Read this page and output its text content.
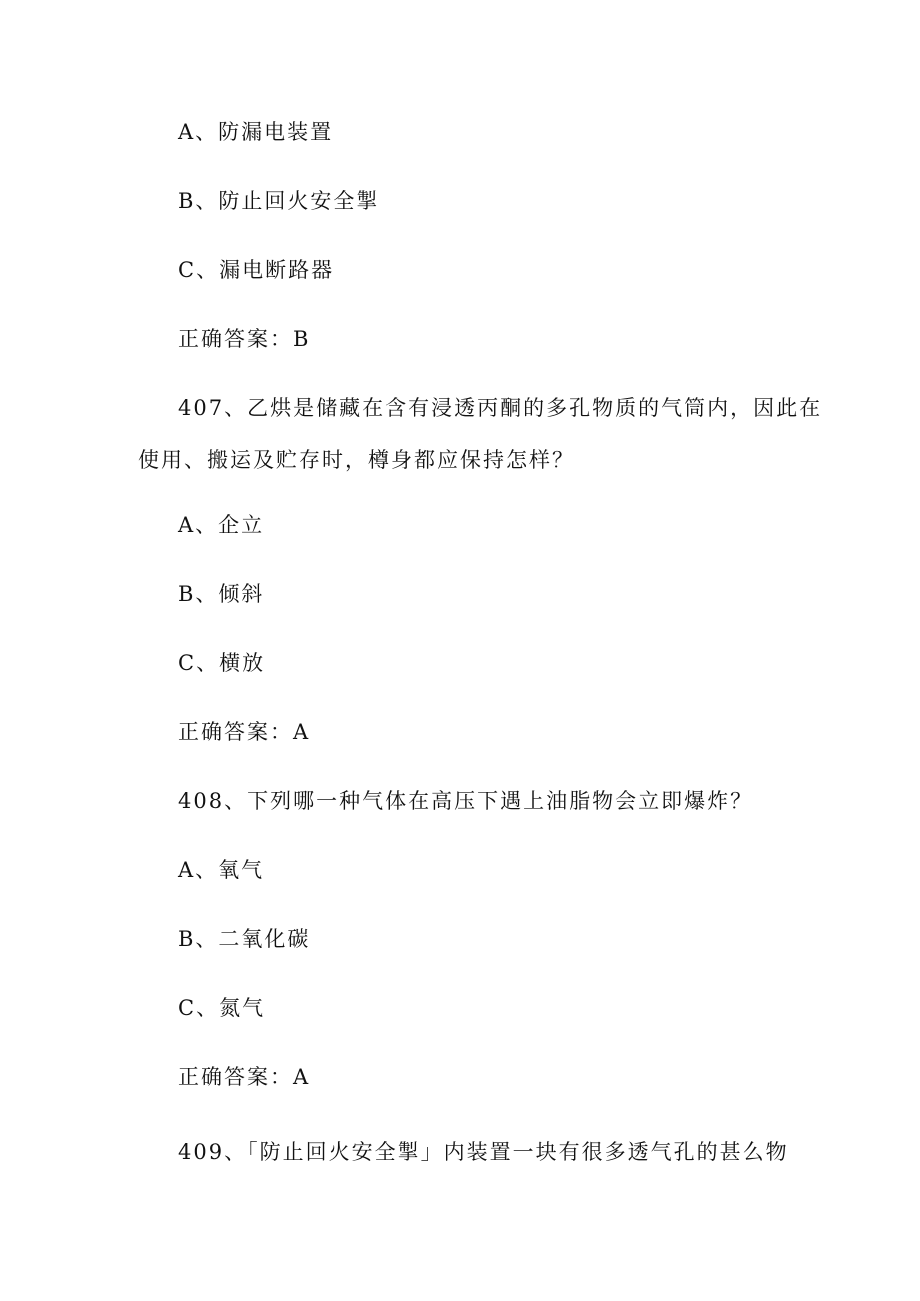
A、防漏电装置
B、防止回火安全掣
C、漏电断路器
正确答案：B
407、乙烘是储藏在含有浸透丙酮的多孔物质的气筒内，因此在
使用、搬运及贮存时，樽身都应保持怎样？
A、企立
B、倾斜
C、横放
正确答案：A
408、下列哪一种气体在高压下遇上油脂物会立即爆炸？
A、氧气
B、二氧化碳
C、氮气
正确答案：A
409、「防止回火安全掣」内装置一块有很多透气孔的甚么物
